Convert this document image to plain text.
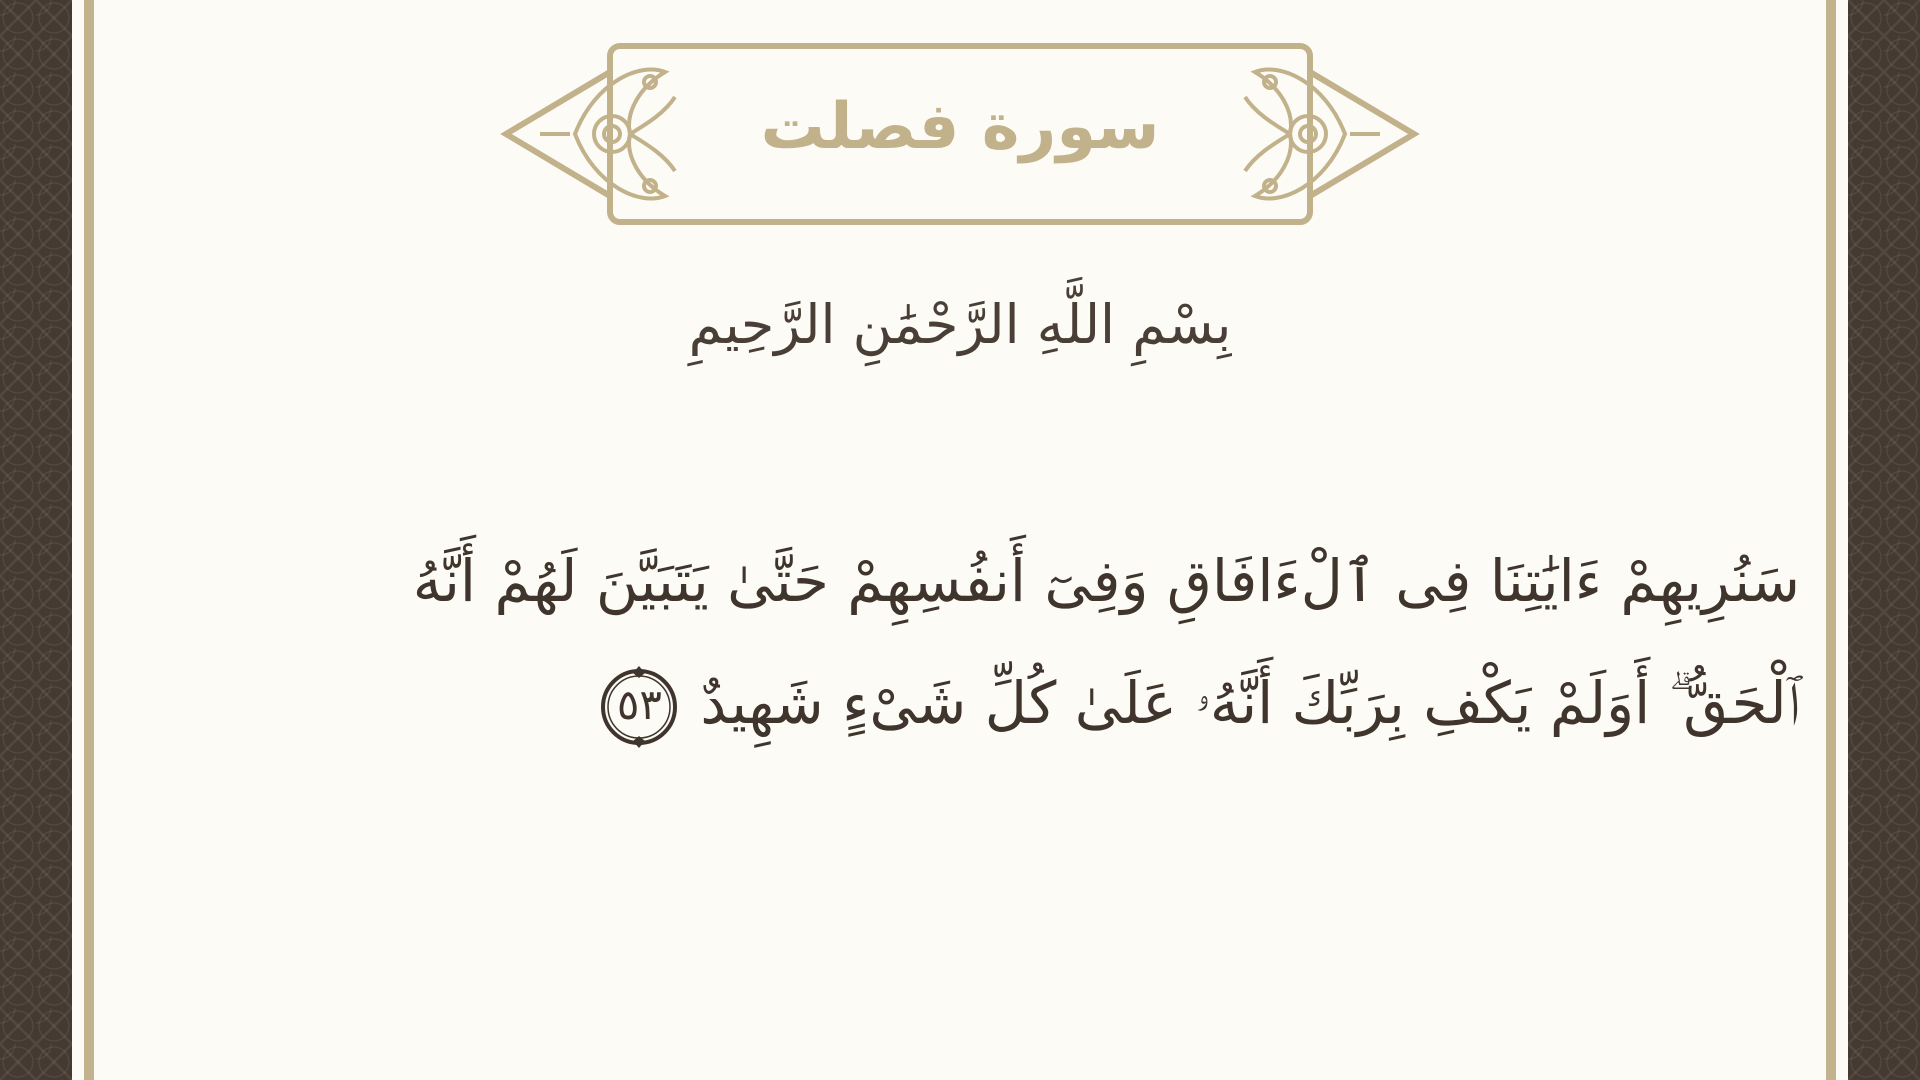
سورة فصلت
بِسْمِ اللَّهِ الرَّحْمَٰنِ الرَّحِيمِ
سَنُرِيهِمْ ءَايَٰتِنَا فِى ٱلْءَافَاقِ وَفِىٓ أَنفُسِهِمْ حَتَّىٰ يَتَبَيَّنَ لَهُمْ أَنَّهُ
ٱلْحَقُّ ۗ أَوَلَمْ يَكْفِ بِرَبِّكَ أَنَّهُۥ عَلَىٰ كُلِّ شَىْءٍ شَهِيدٌ
٥٣
